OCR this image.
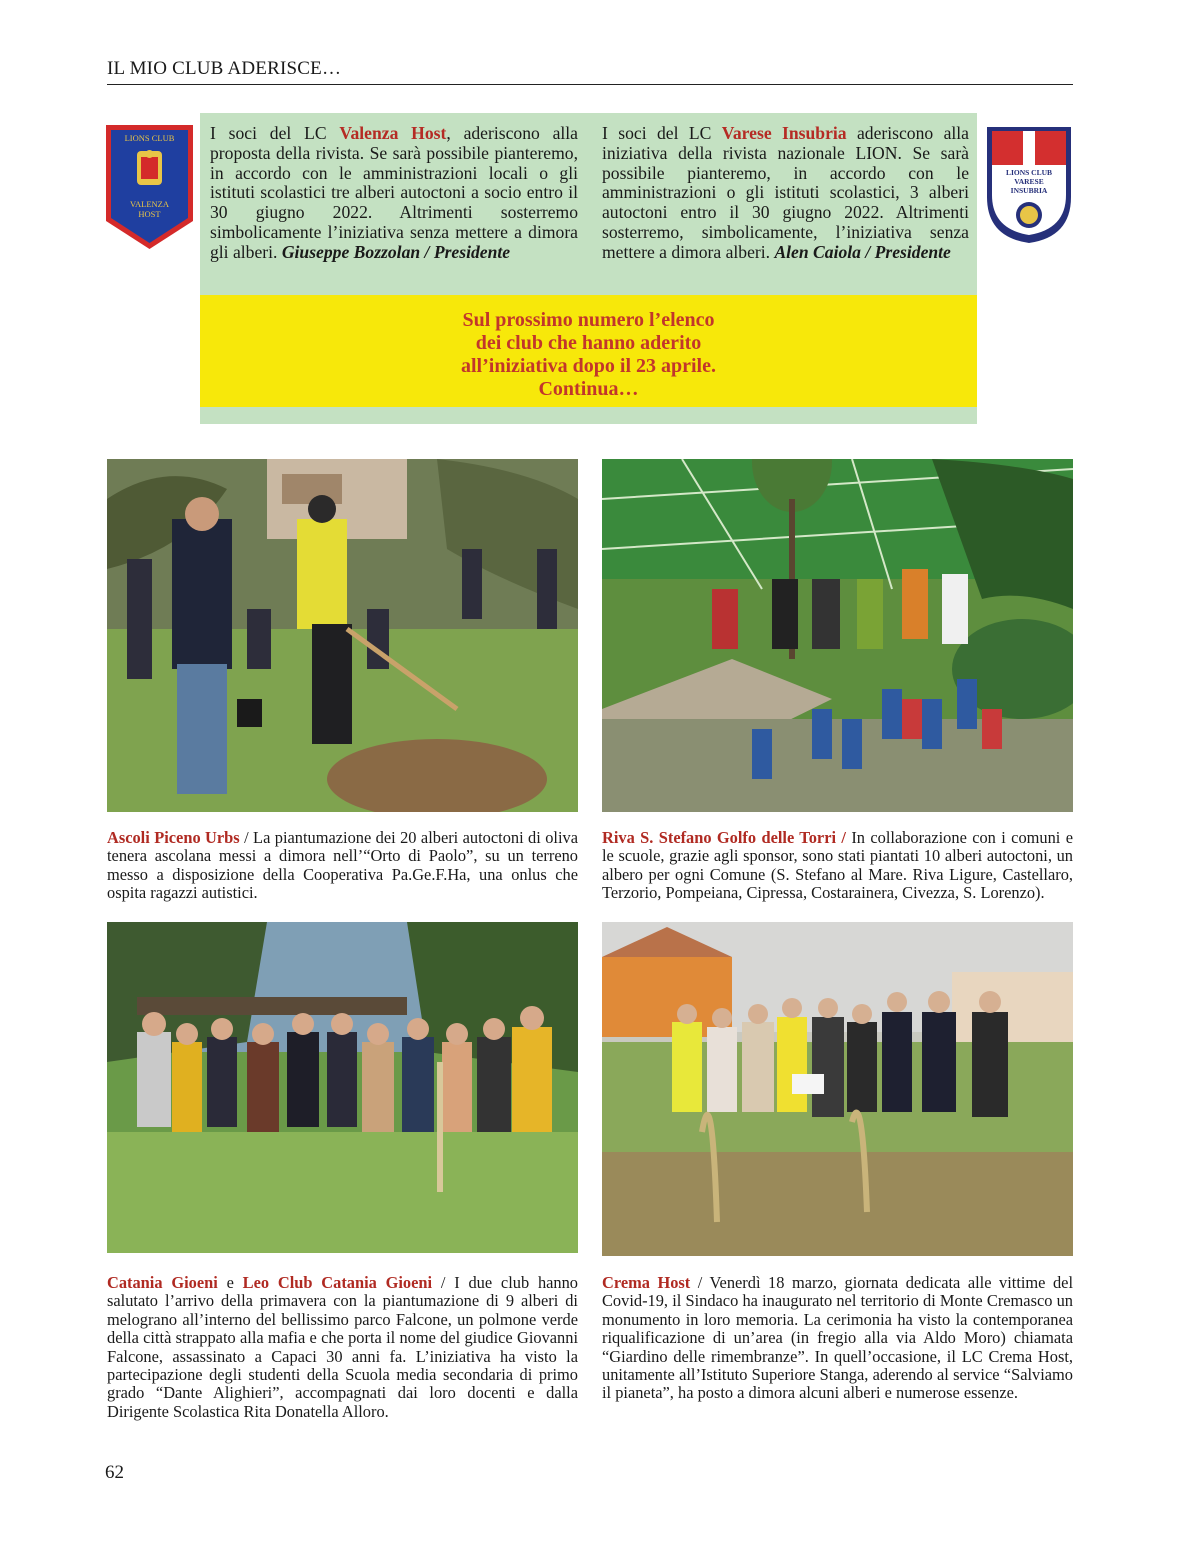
IL MIO CLUB ADERISCE…
LIONS CLUB
VALENZA
HOST
LIONS CLUB
VARESE
INSUBRIA
I soci del LC Valenza Host, aderiscono alla proposta della rivista. Se sarà possibile pianteremo, in accordo con le amministrazioni locali o gli istituti scolastici tre alberi autoctoni a socio entro il 30 giugno 2022. Altrimenti sosterremo simbolicamente l’iniziativa senza mettere a dimora gli alberi. Giuseppe Bozzolan / Presidente
I soci del LC Varese Insubria aderiscono alla iniziativa della rivista nazionale LION. Se sarà possibile pianteremo, in accordo con le amministrazioni o gli istituti scolastici, 3 alberi autoctoni entro il 30 giugno 2022. Altrimenti sosterremo, simbolicamente, l’iniziativa senza mettere a dimora alberi. Alen Caiola / Presidente
Sul prossimo numero l’elenco
dei club che hanno aderito
all’iniziativa dopo il 23 aprile.
Continua…
Ascoli Piceno Urbs / La piantumazione dei 20 alberi autoctoni di oliva tenera ascolana messi a dimora nell’“Orto di Paolo”, su un terreno messo a disposizione della Cooperativa Pa.Ge.F.Ha, una onlus che ospita ragazzi autistici.
Riva S. Stefano Golfo delle Torri / In collaborazione con i comuni e le scuole, grazie agli sponsor, sono stati piantati 10 alberi autoctoni, un albero per ogni Comune (S. Stefano al Mare. Riva Ligure, Castellaro, Terzorio, Pompeiana, Cipressa, Costarainera, Civezza, S. Lorenzo).
Catania Gioeni e Leo Club Catania Gioeni / I due club hanno salutato l’arrivo della primavera con la piantumazione di 9 alberi di melograno all’interno del bellissimo parco Falcone, un polmone verde della città strappato alla mafia e che porta il nome del giudice Giovanni Falcone, assassinato a Capaci 30 anni fa. L’iniziativa ha visto la partecipazione degli studenti della Scuola media secondaria di primo grado “Dante Alighieri”, accompagnati dai loro docenti e dalla Dirigente Scolastica Rita Donatella Alloro.
Crema Host / Venerdì 18 marzo, giornata dedicata alle vittime del Covid-19, il Sindaco ha inaugurato nel territorio di Monte Cremasco un monumento in loro memoria. La cerimonia ha visto la contemporanea riqualificazione di un’area (in fregio alla via Aldo Moro) chiamata “Giardino delle rimembranze”. In quell’occasione, il LC Crema Host, unitamente all’Istituto Superiore Stanga, aderendo al service “Salviamo il pianeta”, ha posto a dimora alcuni alberi e numerose essenze.
62
